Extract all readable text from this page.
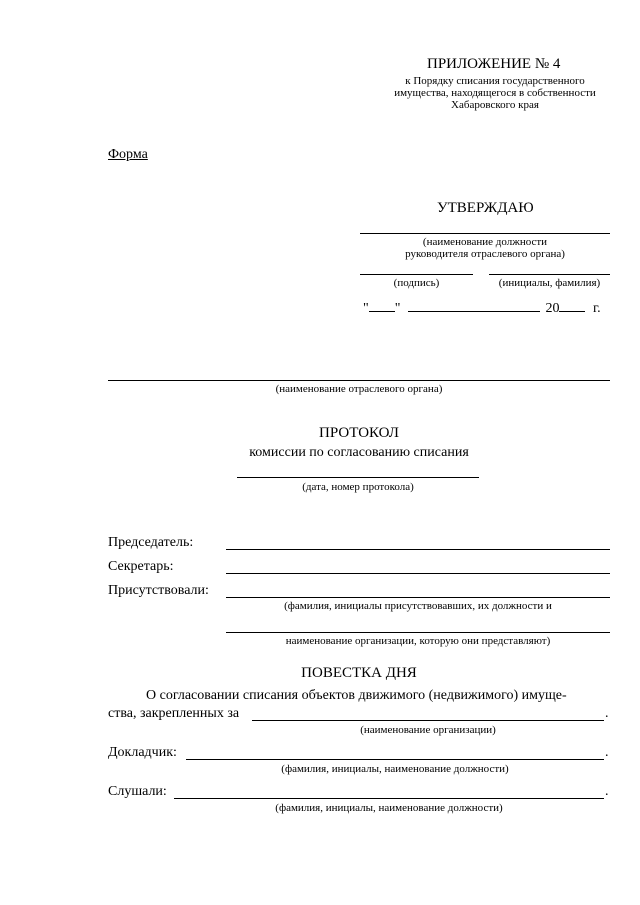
ПРИЛОЖЕНИЕ № 4
к Порядку списания государственного
имущества, находящегося в собственности
Хабаровского края
Форма
УТВЕРЖДАЮ
(наименование должности
руководителя отраслевого органа)
(подпись)	(инициалы, фамилия)
" "	20 г.
(наименование отраслевого органа)
ПРОТОКОЛ
комиссии по согласованию списания
(дата, номер протокола)
Председатель:
Секретарь:
Присутствовали:
(фамилия, инициалы присутствовавших, их должности и
наименование организации, которую они представляют)
ПОВЕСТКА ДНЯ
О согласовании списания объектов движимого (недвижимого) имуще-
ства, закрепленных за	.
(наименование организации)
Докладчик:	.
(фамилия, инициалы, наименование должности)
Слушали:	.
(фамилия, инициалы, наименование должности)
